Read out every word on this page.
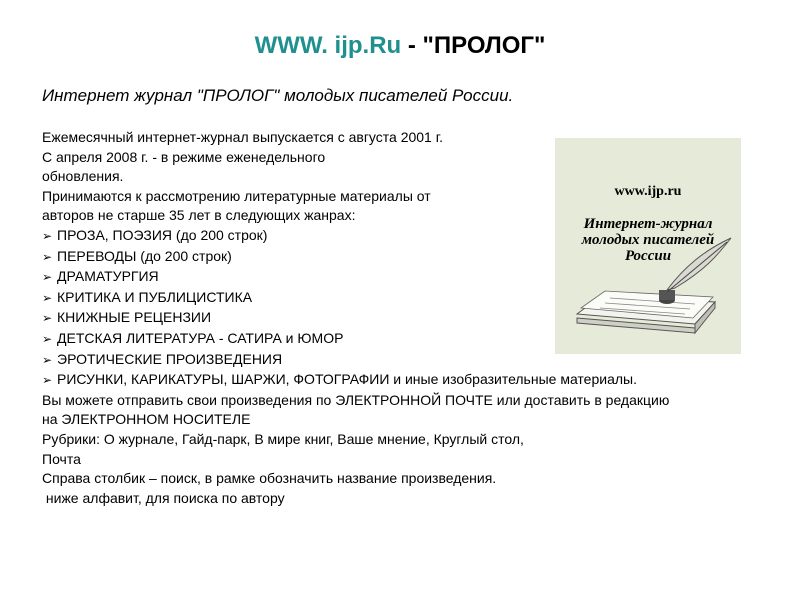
WWW. ijp.Ru - "ПРОЛОГ"
Интернет журнал "ПРОЛОГ" молодых писателей России.
Ежемесячный интернет-журнал выпускается с августа 2001 г.
С апреля 2008 г. - в режиме еженедельного
обновления.
Принимаются к рассмотрению литературные материалы от
авторов не старше 35 лет в следующих жанрах:
➢ ПРОЗА, ПОЭЗИЯ (до 200 строк)
➢ ПЕРЕВОДЫ (до 200 строк)
➢ ДРАМАТУРГИЯ
➢ КРИТИКА И ПУБЛИЦИСТИКА
➢ КНИЖНЫЕ РЕЦЕНЗИИ
➢ ДЕТСКАЯ ЛИТЕРАТУРА - САТИРА и ЮМОР
➢ ЭРОТИЧЕСКИЕ ПРОИЗВЕДЕНИЯ
➢ РИСУНКИ, КАРИКАТУРЫ, ШАРЖИ, ФОТОГРАФИИ и иные изобразительные материалы.
Вы можете отправить свои произведения по ЭЛЕКТРОННОЙ ПОЧТЕ или доставить в редакцию
на ЭЛЕКТРОННОМ НОСИТЕЛЕ
Рубрики: О журнале, Гайд-парк, В мире книг, Ваше мнение, Круглый стол,
Почта
Справа столбик – поиск, в рамке обозначить название произведения.
ниже алфавит, для поиска по автору
www.ijp.ru
Интернет-журнал
молодых писателей
России
